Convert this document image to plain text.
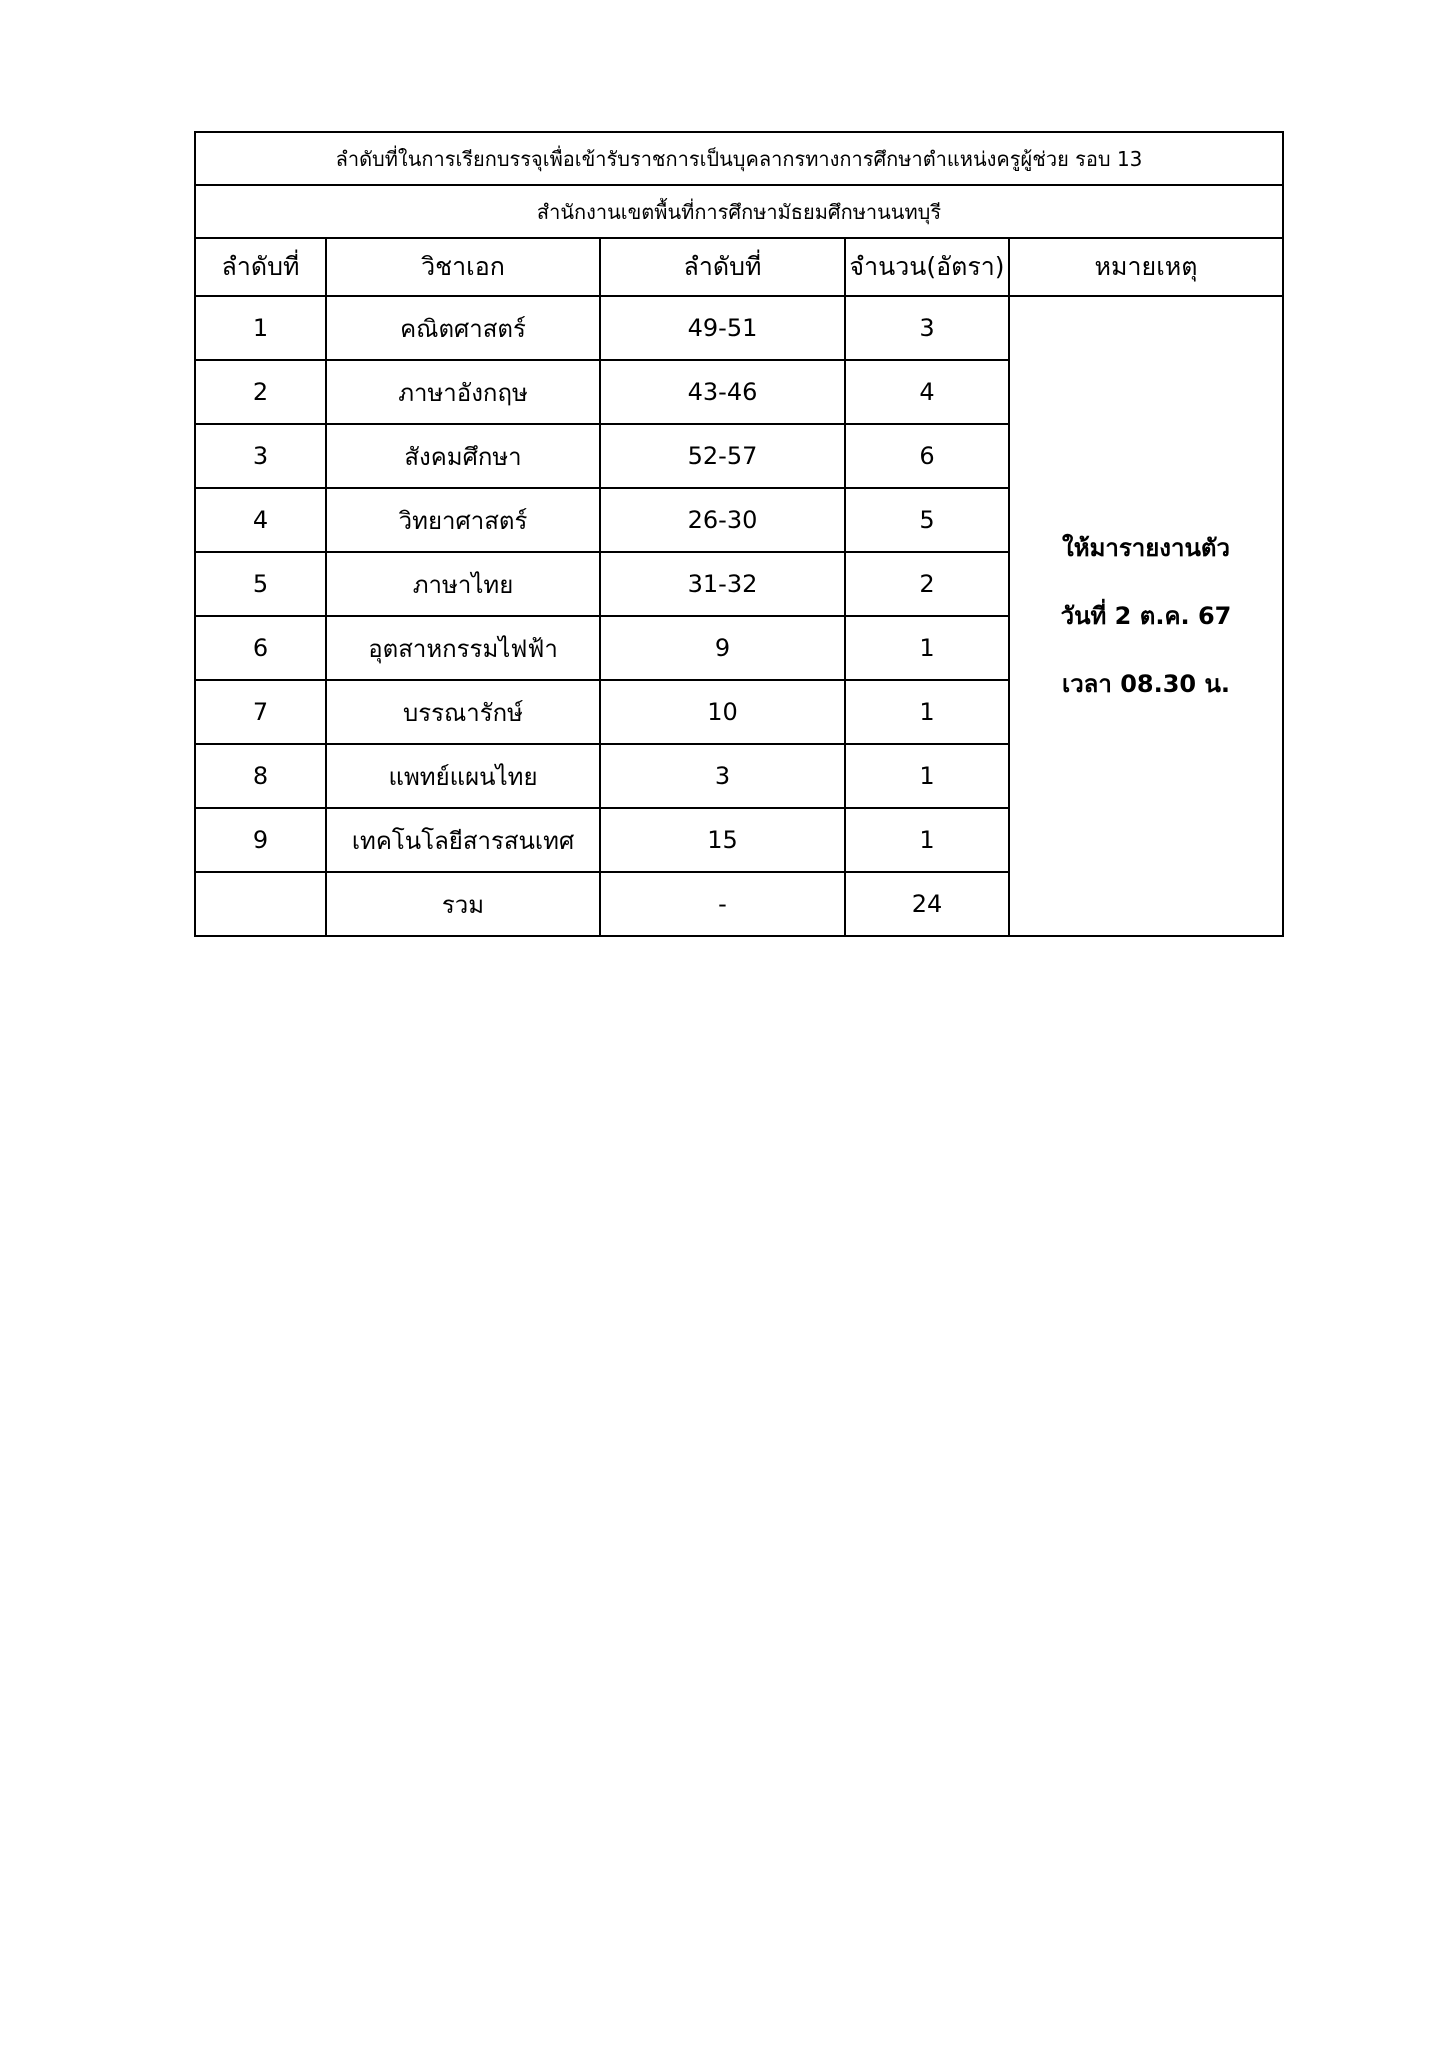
ลำดับที่ในการเรียกบรรจุเพื่อเข้ารับราชการเป็นบุคลากรทางการศึกษาตำแหน่งครูผู้ช่วย รอบ 13				
สำนักงานเขตพื้นที่การศึกษามัธยมศึกษานนทบุรี				
ลำดับที่	วิชาเอก	ลำดับที่	จำนวน(อัตรา)	หมายเหตุ
1	คณิตศาสตร์	49-51	3	ให้มารายงานตัว
วันที่ 2 ต.ค. 67
เวลา 08.30 น.

2	ภาษาอังกฤษ	43-46	4	
3	สังคมศึกษา	52-57	6	
4	วิทยาศาสตร์	26-30	5	
5	ภาษาไทย	31-32	2	
6	อุตสาหกรรมไฟฟ้า	9	1	
7	บรรณารักษ์	10	1	
8	แพทย์แผนไทย	3	1	
9	เทคโนโลยีสารสนเทศ	15	1	
	รวม	-	24	
